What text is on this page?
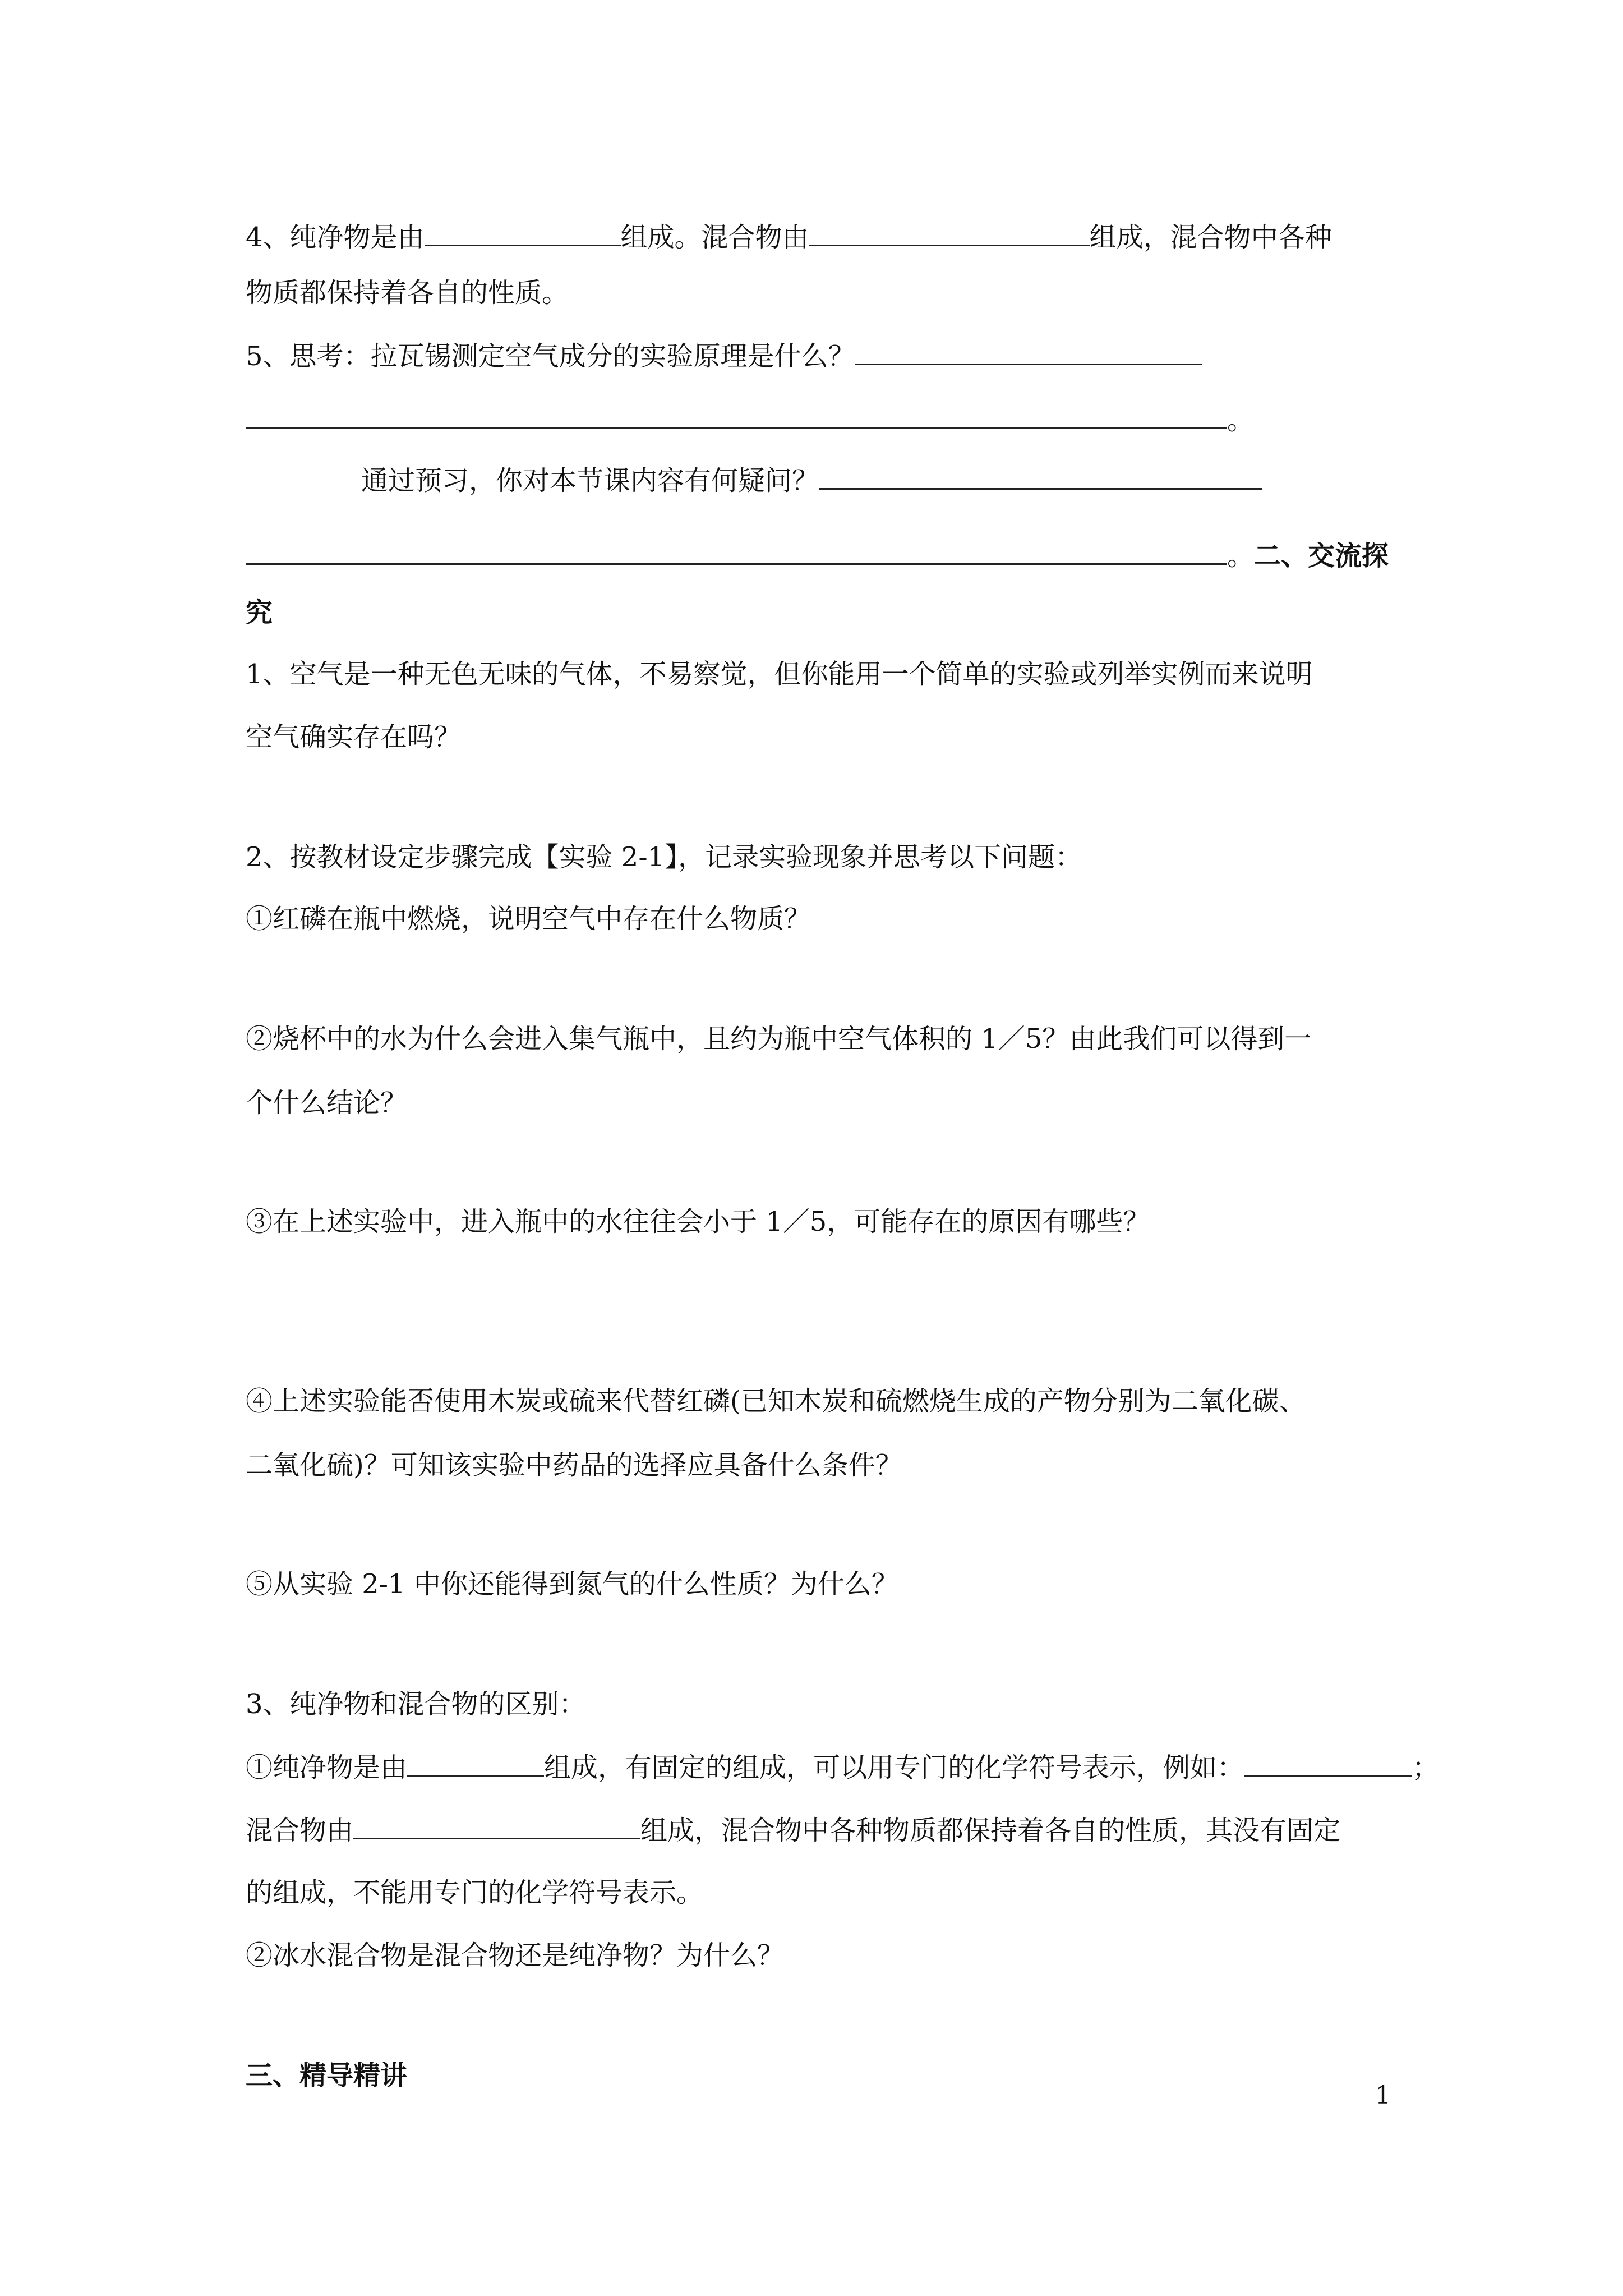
4、纯净物是由	组成。混合物由	组成，混合物中各种
物质都保持着各自的性质。
5、思考：拉瓦锡测定空气成分的实验原理是什么？
。
通过预习，你对本节课内容有何疑问？
。二、交流探
究
1、空气是一种无色无味的气体，不易察觉，但你能用一个简单的实验或列举实例而来说明
空气确实存在吗？
2、按教材设定步骤完成【实验 2-1】，记录实验现象并思考以下问题：
①红磷在瓶中燃烧，说明空气中存在什么物质？
②烧杯中的水为什么会进入集气瓶中，且约为瓶中空气体积的 1／5？由此我们可以得到一
个什么结论？
③在上述实验中，进入瓶中的水往往会小于 1／5，可能存在的原因有哪些？
④上述实验能否使用木炭或硫来代替红磷(已知木炭和硫燃烧生成的产物分别为二氧化碳、
二氧化硫)？可知该实验中药品的选择应具备什么条件？
⑤从实验 2-1 中你还能得到氮气的什么性质？为什么？
3、纯净物和混合物的区别：
①纯净物是由	组成，有固定的组成，可以用专门的化学符号表示，例如：	；
混合物由	组成，混合物中各种物质都保持着各自的性质，其没有固定
的组成，不能用专门的化学符号表示。
②冰水混合物是混合物还是纯净物？为什么？
三、精导精讲
1
